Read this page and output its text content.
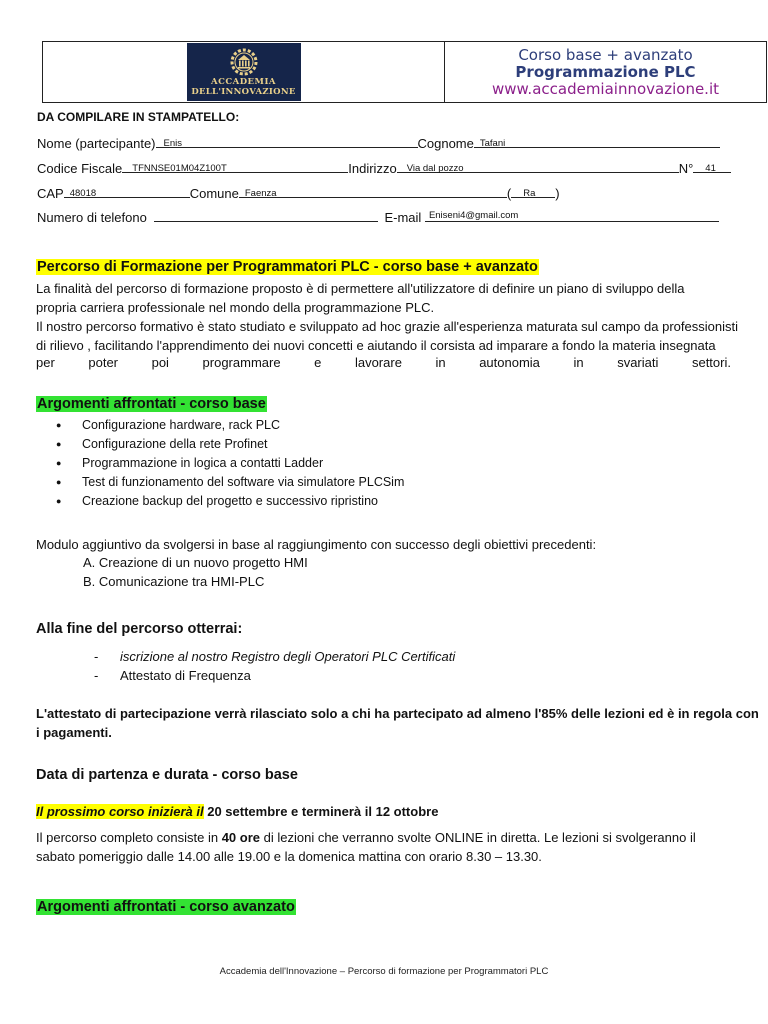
ACCADEMIA
DELL'INNOVAZIONE
Corso base + avanzato
Programmazione PLC
www.accademiainnovazione.it
DA COMPILARE IN STAMPATELLO:
Nome (partecipante) Enis	Cognome Tafani
Codice Fiscale TFNNSE01M04Z100T	Indirizzo Via dal pozzo	N° 41
CAP 48018	Comune Faenza	( Ra )
Numero di telefono	E-mail Eniseni4@gmail.com
Percorso di Formazione per Programmatori PLC - corso base + avanzato
La finalità del percorso di formazione proposto è di permettere all'utilizzatore di definire un piano di sviluppo della
propria carriera professionale nel mondo della programmazione PLC.
Il nostro percorso formativo è stato studiato e sviluppato ad hoc grazie all'esperienza maturata sul campo da professionisti
di rilievo , facilitando l'apprendimento dei nuovi concetti e aiutando il corsista ad imparare a fondo la materia insegnata
per	poter	poi	programmare	e	lavorare	in	autonomia	in	svariati	settori.
Argomenti affrontati - corso base
● Configurazione hardware, rack PLC
● Configurazione della rete Profinet
● Programmazione in logica a contatti Ladder
● Test di funzionamento del software via simulatore PLCSim
● Creazione backup del progetto e successivo ripristino
Modulo aggiuntivo da svolgersi in base al raggiungimento con successo degli obiettivi precedenti:
A. Creazione di un nuovo progetto HMI
B. Comunicazione tra HMI-PLC
Alla fine del percorso otterrai:
- iscrizione al nostro Registro degli Operatori PLC Certificati
- Attestato di Frequenza
L'attestato di partecipazione verrà rilasciato solo a chi ha partecipato ad almeno l'85% delle lezioni ed è in regola con
i pagamenti.
Data di partenza e durata - corso base
Il prossimo corso inizierà il 20 settembre e terminerà il 12 ottobre
Il percorso completo consiste in 40 ore di lezioni che verranno svolte ONLINE in diretta. Le lezioni si svolgeranno il
sabato pomeriggio dalle 14.00 alle 19.00 e la domenica mattina con orario 8.30 – 13.30.
Argomenti affrontati - corso avanzato
Accademia dell'Innovazione – Percorso di formazione per Programmatori PLC
